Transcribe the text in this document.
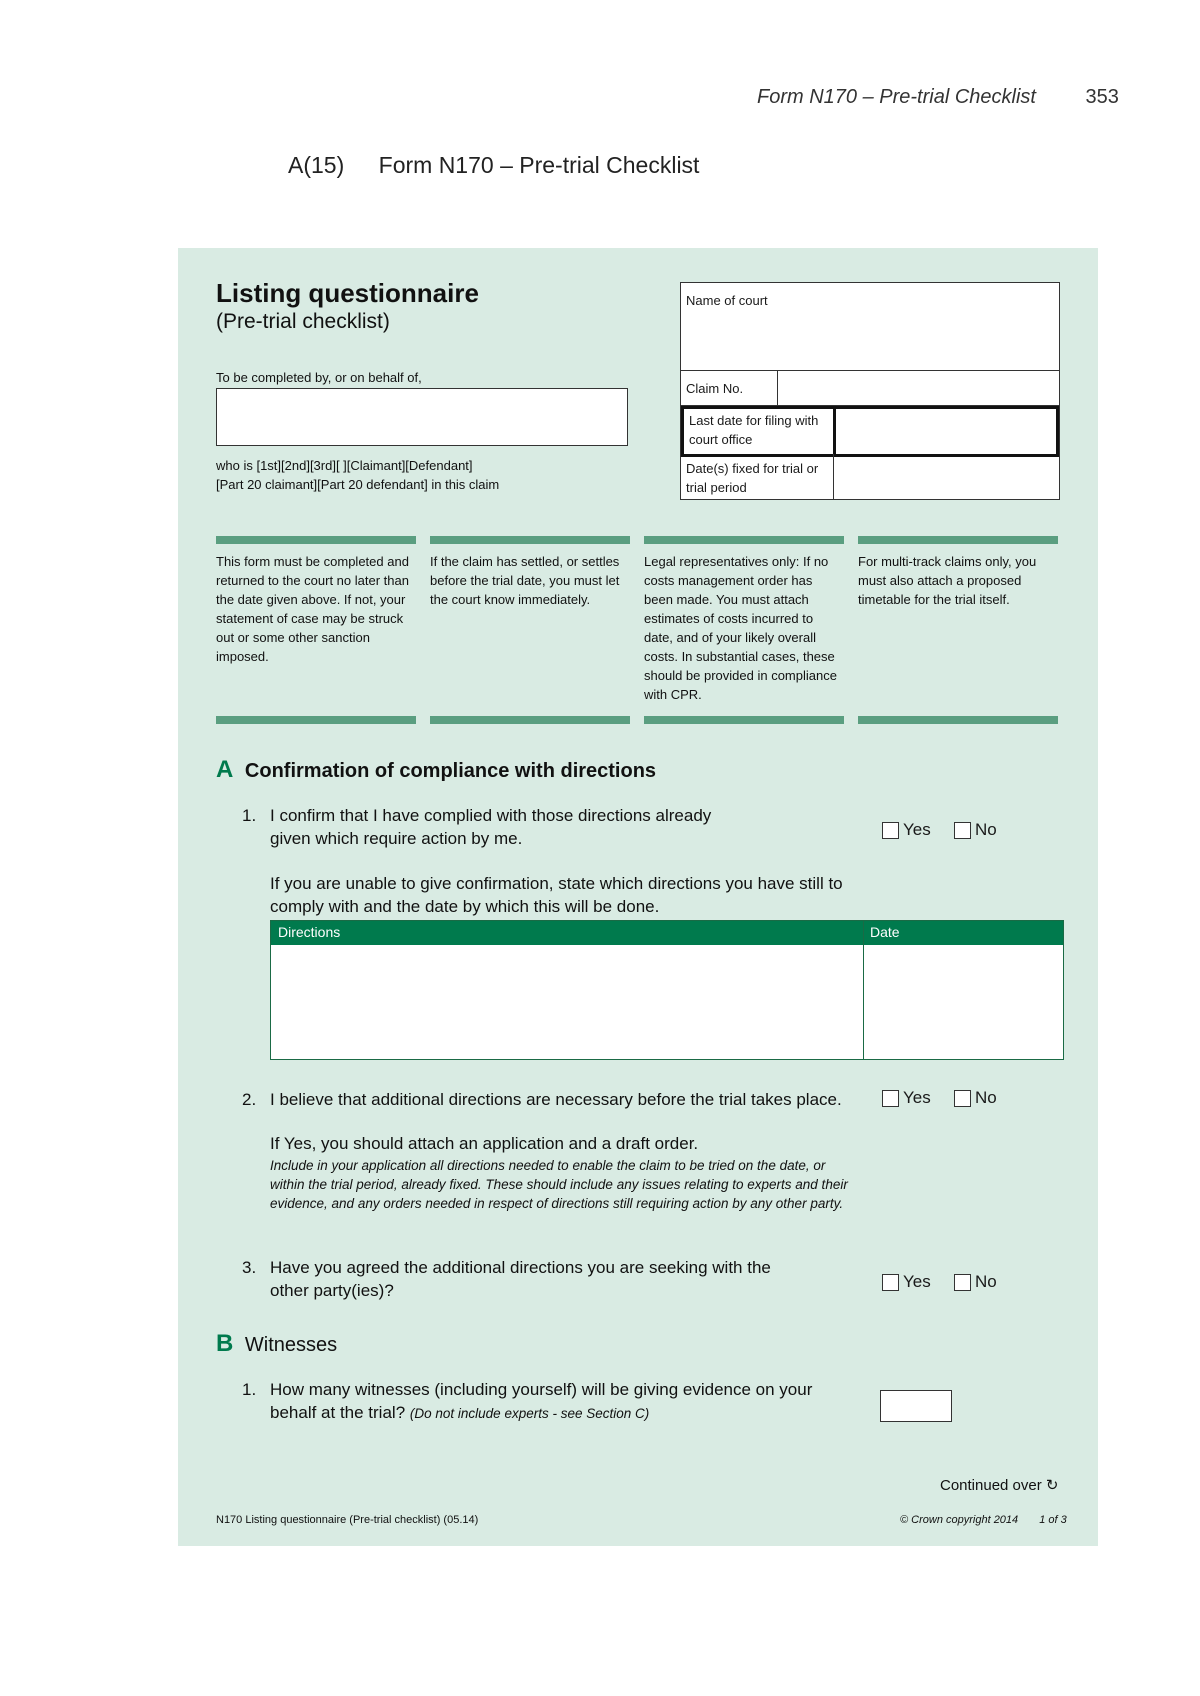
Form N170 – Pre-trial Checklist 353
A(15) Form N170 – Pre-trial Checklist
Listing questionnaire
(Pre-trial checklist)
To be completed by, or on behalf of,
who is [1st][2nd][3rd][ ][Claimant][Defendant]
[Part 20 claimant][Part 20 defendant] in this claim
Name of court
Claim No.
Last date for filing with court office
Date(s) fixed for trial or trial period
This form must be completed and returned to the court no later than the date given above. If not, your statement of case may be struck out or some other sanction imposed.
If the claim has settled, or settles before the trial date, you must let the court know immediately.
Legal representatives only: If no costs management order has been made. You must attach estimates of costs incurred to date, and of your likely overall costs. In substantial cases, these should be provided in compliance with CPR.
For multi-track claims only, you must also attach a proposed timetable for the trial itself.
A Confirmation of compliance with directions
1. I confirm that I have complied with those directions already given which require action by me.	Yes	No
If you are unable to give confirmation, state which directions you have still to comply with and the date by which this will be done.
Directions	Date
2. I believe that additional directions are necessary before the trial takes place.	Yes	No
If Yes, you should attach an application and a draft order.
Include in your application all directions needed to enable the claim to be tried on the date, or within the trial period, already fixed. These should include any issues relating to experts and their evidence, and any orders needed in respect of directions still requiring action by any other party.
3. Have you agreed the additional directions you are seeking with the other party(ies)?	Yes	No
B Witnesses
1. How many witnesses (including yourself) will be giving evidence on your behalf at the trial? (Do not include experts - see Section C)
Continued over ↻
N170 Listing questionnaire (Pre-trial checklist) (05.14)	© Crown copyright 2014 1 of 3
